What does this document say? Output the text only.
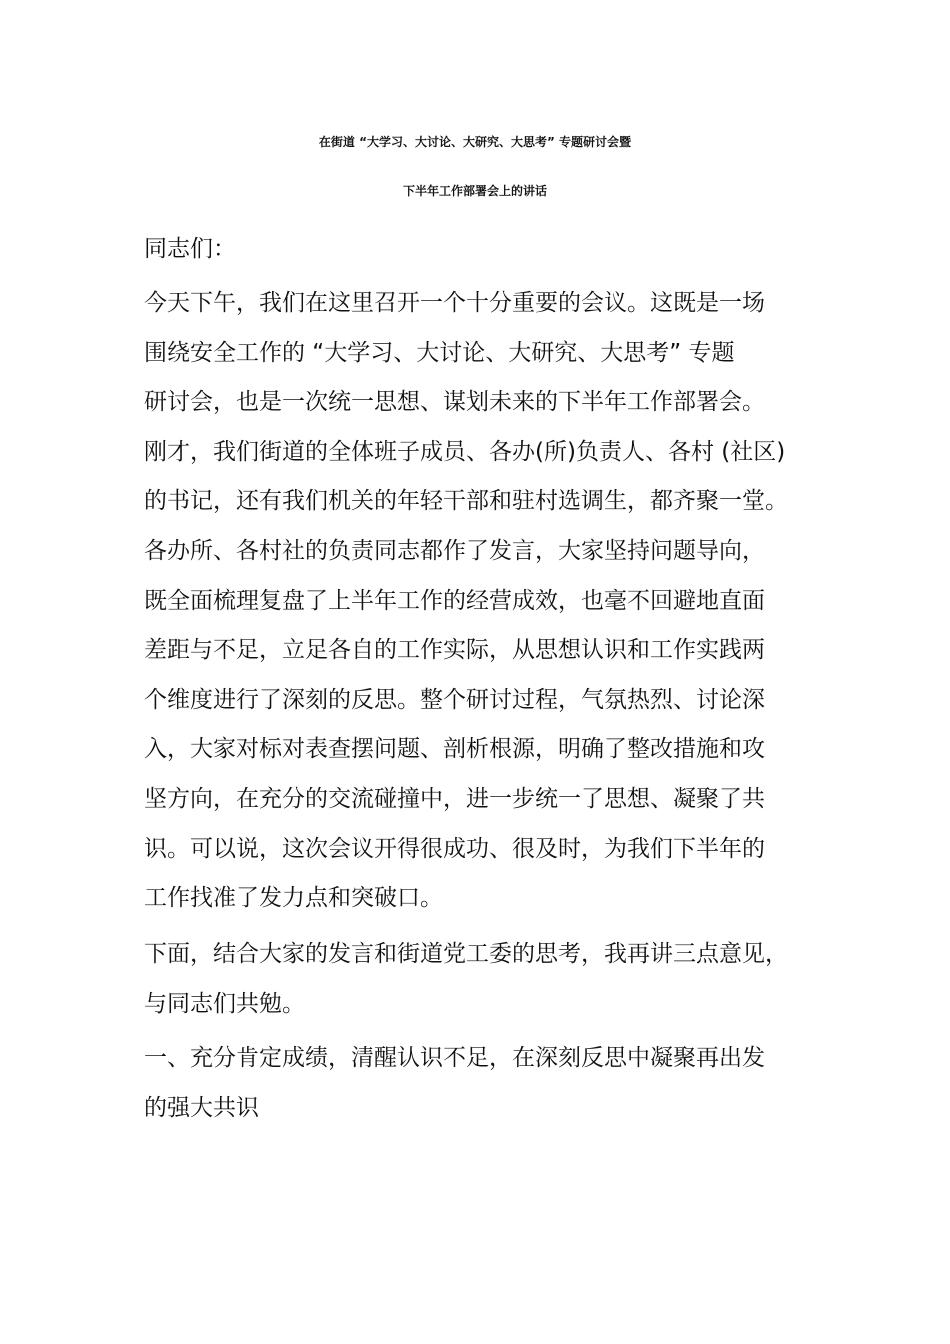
在街道 “大学习、大讨论、大研究、大思考” 专题研讨会暨
下半年工作部署会上的讲话

同志们：

今天下午，我们在这里召开一个十分重要的会议。这既是一场
围绕安全工作的 “大学习、大讨论、大研究、大思考” 专题
研讨会，也是一次统一思想、谋划未来的下半年工作部署会。
刚才，我们街道的全体班子成员、各办(所)负责人、各村 (社区)
的书记，还有我们机关的年轻干部和驻村选调生，都齐聚一堂。
各办所、各村社的负责同志都作了发言，大家坚持问题导向，
既全面梳理复盘了上半年工作的经营成效，也毫不回避地直面
差距与不足，立足各自的工作实际，从思想认识和工作实践两
个维度进行了深刻的反思。整个研讨过程，气氛热烈、讨论深
入，大家对标对表查摆问题、剖析根源，明确了整改措施和攻
坚方向，在充分的交流碰撞中，进一步统一了思想、凝聚了共
识。可以说，这次会议开得很成功、很及时，为我们下半年的
工作找准了发力点和突破口。

下面，结合大家的发言和街道党工委的思考，我再讲三点意见，
与同志们共勉。

一、充分肯定成绩，清醒认识不足，在深刻反思中凝聚再出发
的强大共识
